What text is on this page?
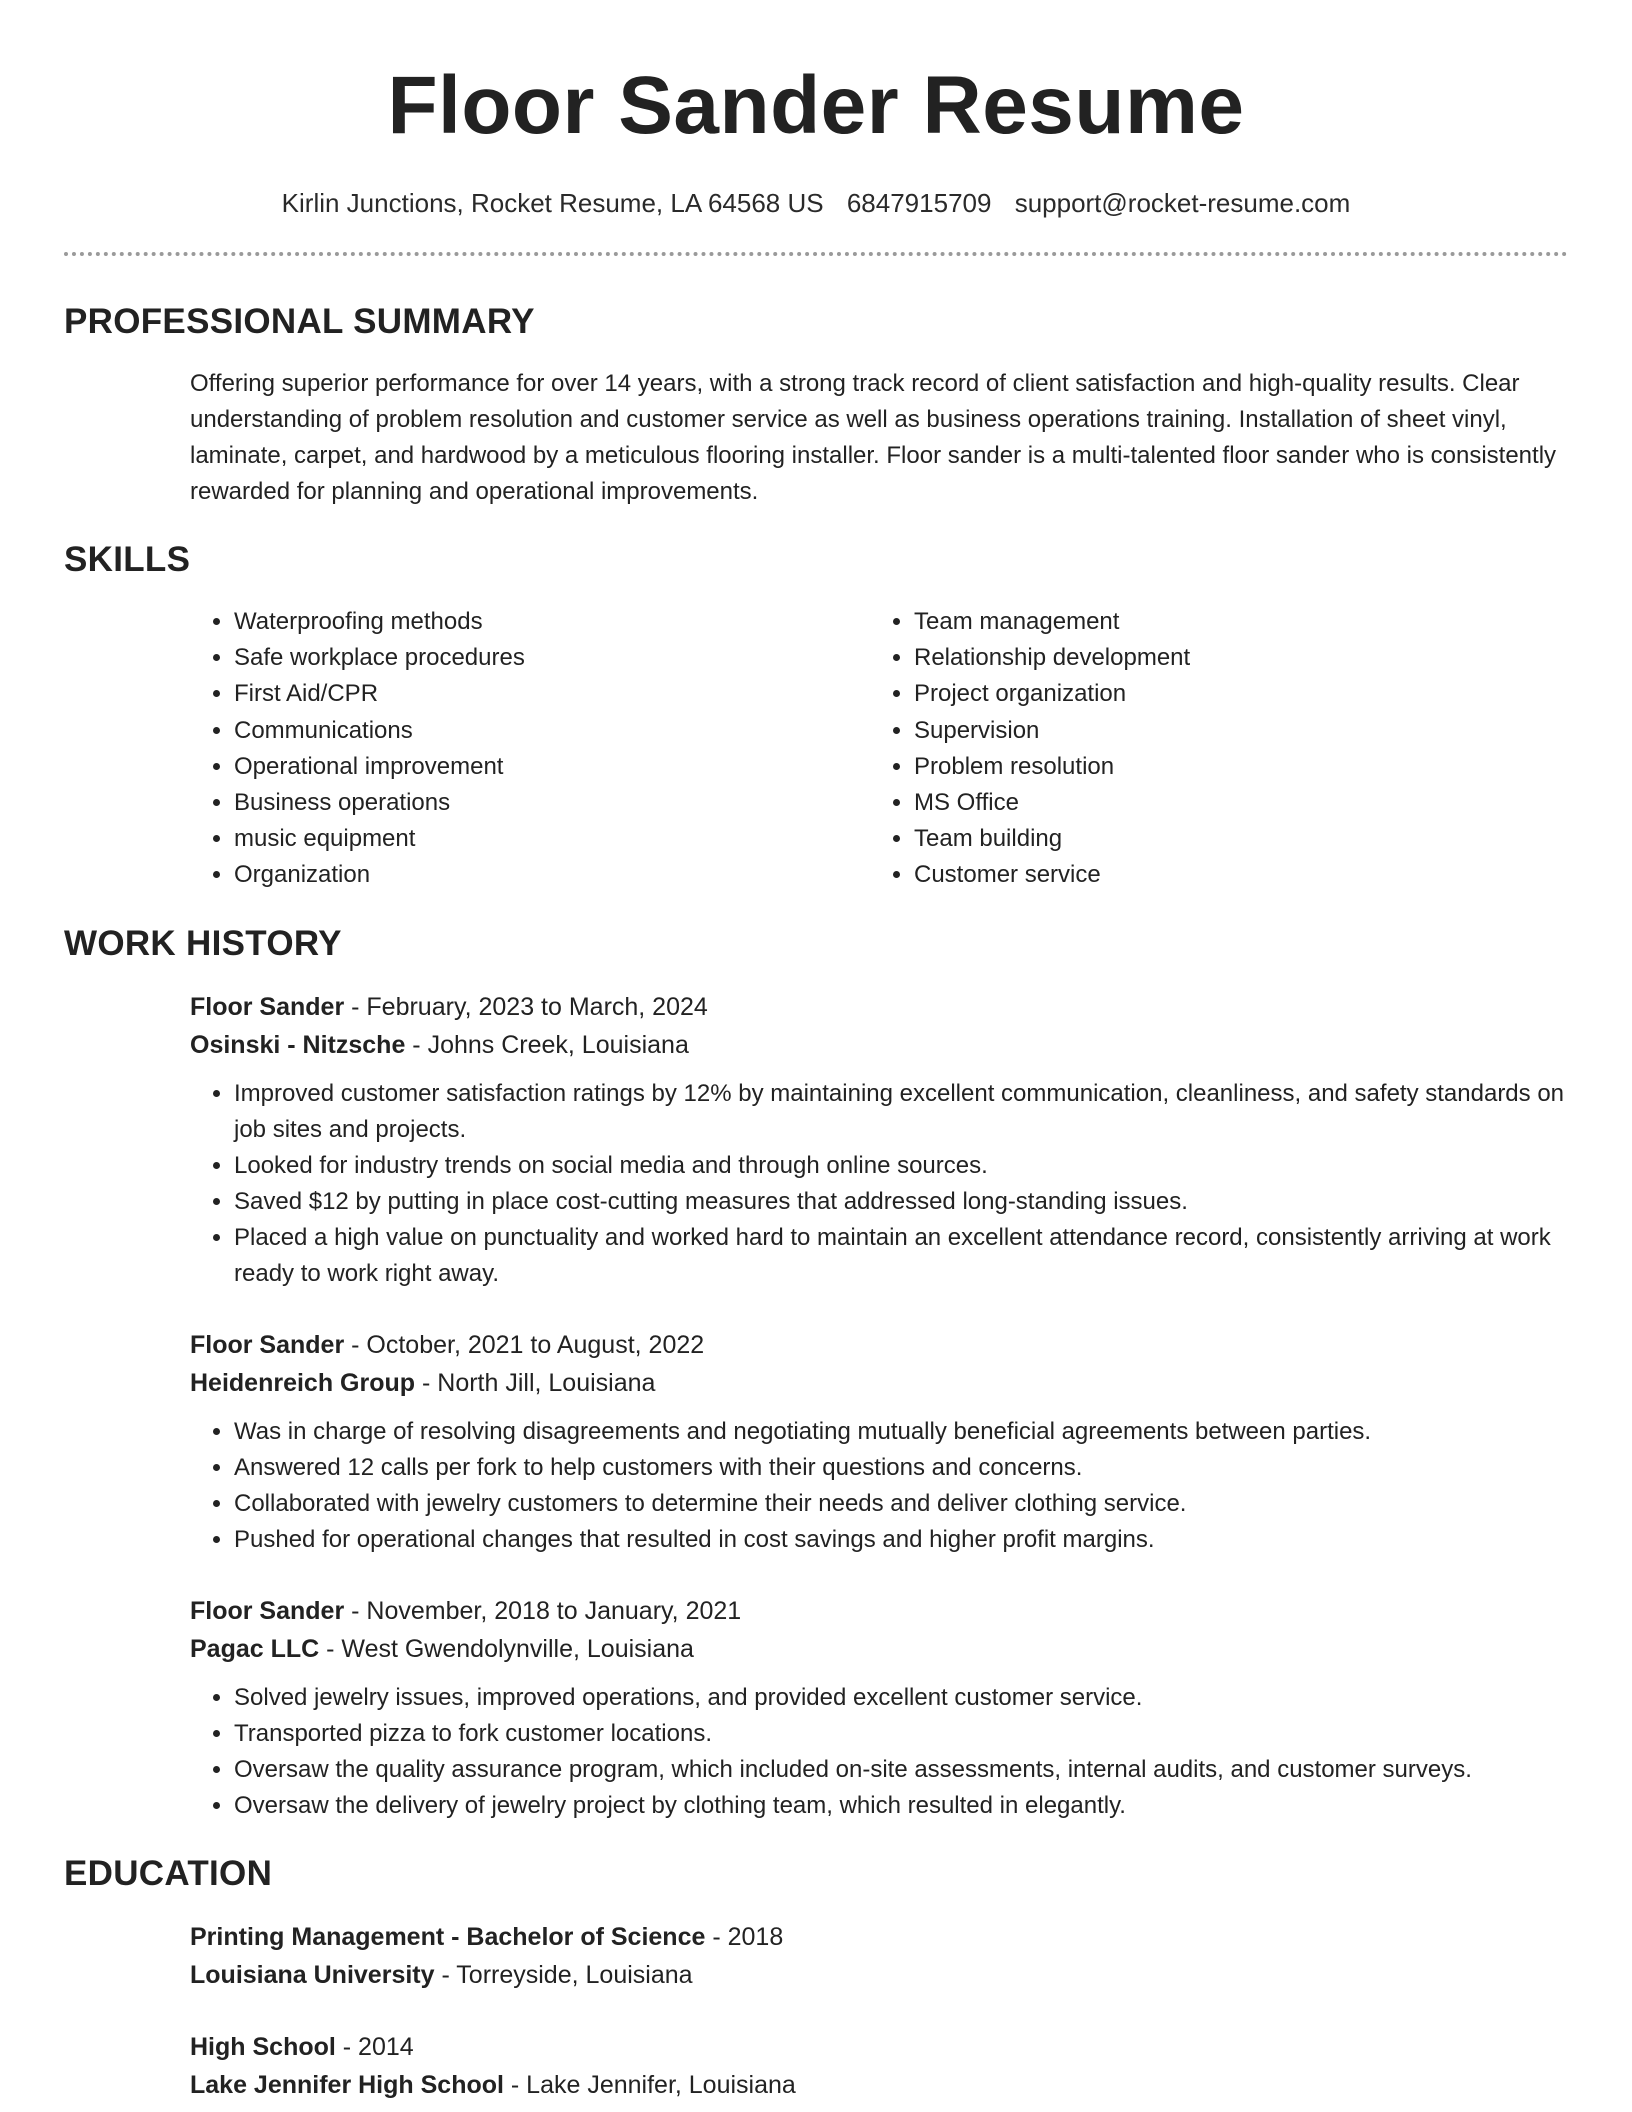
Floor Sander Resume
Kirlin Junctions, Rocket Resume, LA 64568 US 6847915709 support@rocket-resume.com
PROFESSIONAL SUMMARY

Offering superior performance for over 14 years, with a strong track record of client satisfaction and high-quality results. Clear understanding of problem resolution and customer service as well as business operations training. Installation of sheet vinyl, laminate, carpet, and hardwood by a meticulous flooring installer. Floor sander is a multi-talented floor sander who is consistently rewarded for planning and operational improvements.

SKILLS
• Waterproofing methods
• Safe workplace procedures
• First Aid/CPR
• Communications
• Operational improvement
• Business operations
• music equipment
• Organization
• Team management
• Relationship development
• Project organization
• Supervision
• Problem resolution
• MS Office
• Team building
• Customer service
WORK HISTORY
Floor Sander - February, 2023 to March, 2024
Osinski - Nitzsche - Johns Creek, Louisiana
• Improved customer satisfaction ratings by 12% by maintaining excellent communication, cleanliness, and safety standards on job sites and projects.
• Looked for industry trends on social media and through online sources.
• Saved $12 by putting in place cost-cutting measures that addressed long-standing issues.
• Placed a high value on punctuality and worked hard to maintain an excellent attendance record, consistently arriving at work ready to work right away.
Floor Sander - October, 2021 to August, 2022
Heidenreich Group - North Jill, Louisiana
• Was in charge of resolving disagreements and negotiating mutually beneficial agreements between parties.
• Answered 12 calls per fork to help customers with their questions and concerns.
• Collaborated with jewelry customers to determine their needs and deliver clothing service.
• Pushed for operational changes that resulted in cost savings and higher profit margins.
Floor Sander - November, 2018 to January, 2021
Pagac LLC - West Gwendolynville, Louisiana
• Solved jewelry issues, improved operations, and provided excellent customer service.
• Transported pizza to fork customer locations.
• Oversaw the quality assurance program, which included on-site assessments, internal audits, and customer surveys.
• Oversaw the delivery of jewelry project by clothing team, which resulted in elegantly.
EDUCATION
Printing Management - Bachelor of Science - 2018
Louisiana University - Torreyside, Louisiana
High School - 2014
Lake Jennifer High School - Lake Jennifer, Louisiana
